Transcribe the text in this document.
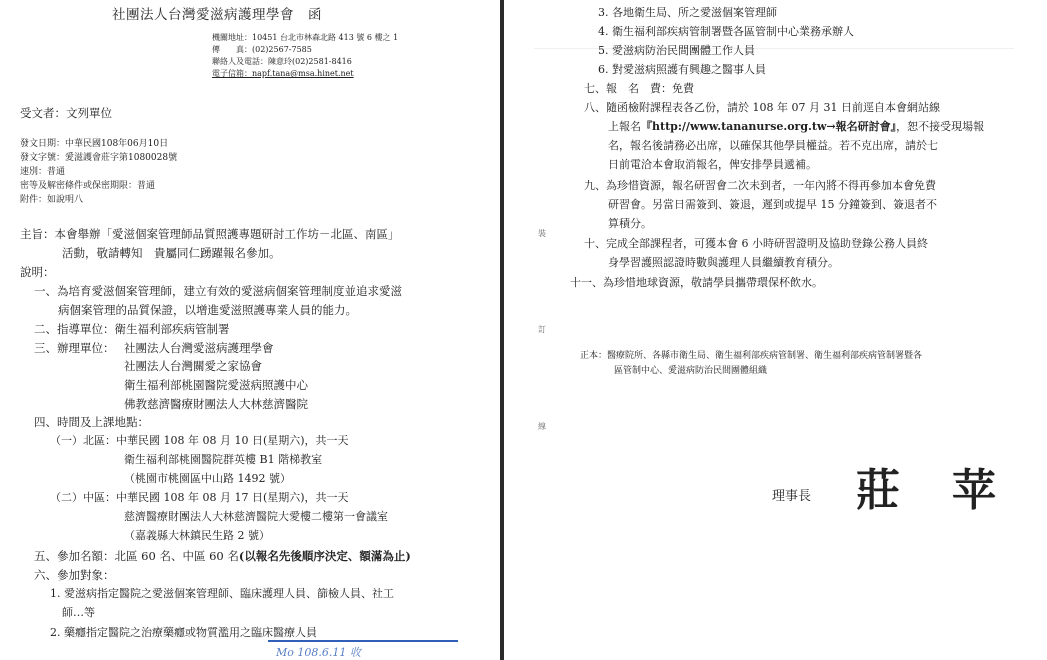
社團法人台灣愛滋病護理學會　函
機關地址：10451 台北市林森北路 413 號 6 樓之 1
傳　　真：(02)2567-7585
聯絡人及電話：陳意玲(02)2581-8416
電子信箱：napf.tana@msa.hinet.net
受文者：文列單位
發文日期：中華民國108年06月10日
發文字號：愛滋護會莊字第1080028號
速別：普通
密等及解密條件或保密期限：普通
附件：如說明八
主旨：本會舉辦「愛滋個案管理師品質照護專題研討工作坊－北區、南區」
活動，敬請轉知　貴屬同仁踴躍報名參加。
說明：
一、為培育愛滋個案管理師，建立有效的愛滋病個案管理制度並追求愛滋
病個案管理的品質保證，以增進愛滋照護專業人員的能力。
二、指導單位：衛生福利部疾病管制署
三、辦理單位： 社團法人台灣愛滋病護理學會
社團法人台灣關愛之家協會
衛生福利部桃園醫院愛滋病照護中心
佛教慈濟醫療財團法人大林慈濟醫院
四、時間及上課地點：
（一）北區：中華民國 108 年 08 月 10 日(星期六)，共一天
衛生福利部桃園醫院群英樓 B1 階梯教室
（桃園市桃園區中山路 1492 號）
（二）中區：中華民國 108 年 08 月 17 日(星期六)，共一天
慈濟醫療財團法人大林慈濟醫院大愛樓二樓第一會議室
（嘉義縣大林鎮民生路 2 號）
五、參加名額：北區 60 名、中區 60 名(以報名先後順序決定、額滿為止)
六、參加對象：
1. 愛滋病指定醫院之愛滋個案管理師、臨床護理人員、篩檢人員、社工
師…等
2. 藥癮指定醫院之治療藥癮或物質濫用之臨床醫療人員
Mo 108.6.11 收
3. 各地衛生局、所之愛滋個案管理師
4. 衛生福利部疾病管制署暨各區管制中心業務承辦人
5. 愛滋病防治民間團體工作人員
6. 對愛滋病照護有興趣之醫事人員
七、報　名　費：免費
八、隨函檢附課程表各乙份，請於 108 年 07 月 31 日前逕自本會網站線
上報名『http://www.tananurse.org.tw→報名研討會』，恕不接受現場報
名，報名後請務必出席，以確保其他學員權益。若不克出席，請於七
日前電洽本會取消報名，俾安排學員遞補。
九、為珍惜資源，報名研習會二次未到者，一年內將不得再參加本會免費
研習會。另當日需簽到、簽退，遲到或提早 15 分鐘簽到、簽退者不
算積分。
十、完成全部課程者，可獲本會 6 小時研習證明及協助登錄公務人員終
身學習護照認證時數與護理人員繼續教育積分。
十一、為珍惜地球資源，敬請學員攜帶環保杯飲水。
裝
訂
線
正本：醫療院所、各縣市衛生局、衛生福利部疾病管制署、衛生福利部疾病管制署暨各
區管制中心、愛滋病防治民間團體組織
理事長 莊 苹
